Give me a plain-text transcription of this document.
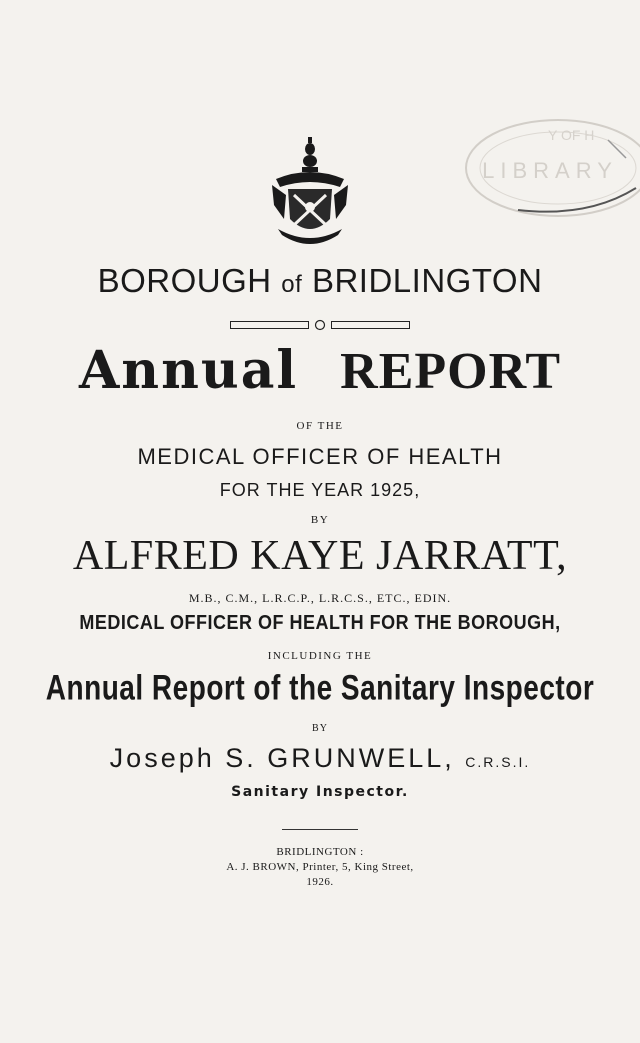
Y OF H
LIBRARY
BOROUGH of BRIDLINGTON
Annual REPORT
OF THE
MEDICAL OFFICER OF HEALTH
FOR THE YEAR 1925,
BY
ALFRED KAYE JARRATT,
M.B., C.M., L.R.C.P., L.R.C.S., ETC., EDIN.
MEDICAL OFFICER OF HEALTH FOR THE BOROUGH,
INCLUDING THE
Annual Report of the Sanitary Inspector
BY
Joseph S. GRUNWELL, C.R.S.I.
Sanitary Inspector.
BRIDLINGTON :
A. J. BROWN, Printer, 5, King Street,
1926.
